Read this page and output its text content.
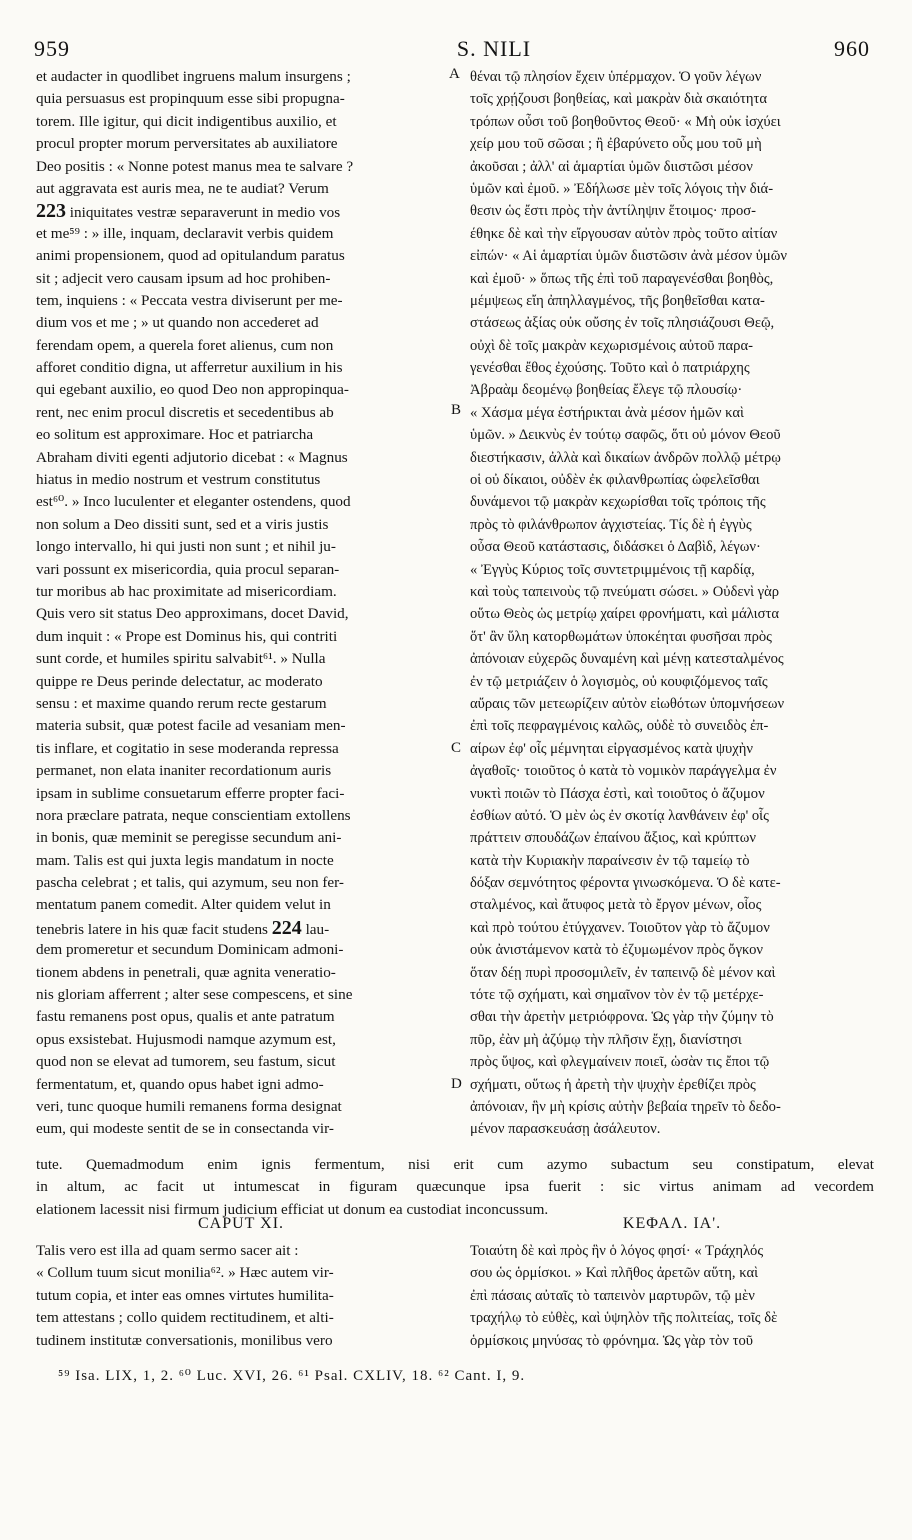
959	S. NILI	960
et audacter in quodlibet ingruens malum insurgens ;
quia persuasus est propinquum esse sibi propugna-
torem. Ille igitur, qui dicit indigentibus auxilio, et
procul propter morum perversitates ab auxiliatore
Deo positis : « Nonne potest manus mea te salvare ?
aut aggravata est auris mea, ne te audiat? Verum
223 iniquitates vestræ separaverunt in medio vos
et me⁵⁹ : » ille, inquam, declaravit verbis quidem
animi propensionem, quod ad opitulandum paratus
sit ; adjecit vero causam ipsum ad hoc prohiben-
tem, inquiens : « Peccata vestra diviserunt per me-
dium vos et me ; » ut quando non accederet ad
ferendam opem, a querela foret alienus, cum non
afforet conditio digna, ut afferretur auxilium in his
qui egebant auxilio, eo quod Deo non appropinqua-
rent, nec enim procul discretis et secedentibus ab
eo solitum est approximare. Hoc et patriarcha
Abraham diviti egenti adjutorio dicebat : « Magnus
hiatus in medio nostrum et vestrum constitutus
est⁶⁰. » Inco luculenter et eleganter ostendens, quod
non solum a Deo dissiti sunt, sed et a viris justis
longo intervallo, hi qui justi non sunt ; et nihil ju-
vari possunt ex misericordia, quia procul separan-
tur moribus ab hac proximitate ad misericordiam.
Quis vero sit status Deo approximans, docet David,
dum inquit : « Prope est Dominus his, qui contriti
sunt corde, et humiles spiritu salvabit⁶¹. » Nulla
quippe re Deus perinde delectatur, ac moderato
sensu : et maxime quando rerum recte gestarum
materia subsit, quæ potest facile ad vesaniam men-
tis inflare, et cogitatio in sese moderanda repressa
permanet, non elata inaniter recordationum auris
ipsam in sublime consuetarum efferre propter faci-
nora præclare patrata, neque conscientiam extollens
in bonis, quæ meminit se peregisse secundum ani-
mam. Talis est qui juxta legis mandatum in nocte
pascha celebrat ; et talis, qui azymum, seu non fer-
mentatum panem comedit. Alter quidem velut in
tenebris latere in his quæ facit studens 224 lau-
dem promeretur et secundum Dominicam admoni-
tionem abdens in penetrali, quæ agnita veneratio-
nis gloriam afferrent ; alter sese compescens, et sine
fastu remanens post opus, qualis et ante patratum
opus exsistebat. Hujusmodi namque azymum est,
quod non se elevat ad tumorem, seu fastum, sicut
fermentatum, et, quando opus habet igni admo-
veri, tunc quoque humili remanens forma designat
eum, qui modeste sentit de se in consectanda vir-
θέναι τῷ πλησίον ἔχειν ὑπέρμαχον. Ὁ γοῦν λέγων
τοῖς χρῄζουσι βοηθείας, καὶ μακρὰν διὰ σκαιότητα
τρόπων οὖσι τοῦ βοηθοῦντος Θεοῦ· « Μὴ οὐκ ἰσχύει
χείρ μου τοῦ σῶσαι ; ἢ ἐβαρύνετο οὖς μου τοῦ μὴ
ἀκοῦσαι ; ἀλλ' αἱ ἁμαρτίαι ὑμῶν διιστῶσι μέσον
ὑμῶν καὶ ἐμοῦ. » Ἐδήλωσε μὲν τοῖς λόγοις τὴν διά-
θεσιν ὡς ἔστι πρὸς τὴν ἀντίληψιν ἕτοιμος· προσ-
έθηκε δὲ καὶ τὴν εἴργουσαν αὐτὸν πρὸς τοῦτο αἰτίαν
εἰπών· « Αἱ ἁμαρτίαι ὑμῶν διιστῶσιν ἀνὰ μέσον ὑμῶν
καὶ ἐμοῦ· » ὅπως τῆς ἐπὶ τοῦ παραγενέσθαι βοηθὸς,
μέμψεως εἴη ἀπηλλαγμένος, τῆς βοηθεῖσθαι κατα-
στάσεως ἀξίας οὐκ οὔσης ἐν τοῖς πλησιάζουσι Θεῷ,
οὐχὶ δὲ τοῖς μακρὰν κεχωρισμένοις αὐτοῦ παρα-
γενέσθαι ἔθος ἐχούσης. Τοῦτο καὶ ὁ πατριάρχης
Ἀβραὰμ δεομένῳ βοηθείας ἔλεγε τῷ πλουσίῳ·
« Χάσμα μέγα ἐστήρικται ἀνὰ μέσον ἡμῶν καὶ
ὑμῶν. » Δεικνὺς ἐν τούτῳ σαφῶς, ὅτι οὐ μόνον Θεοῦ
διεστήκασιν, ἀλλὰ καὶ δικαίων ἀνδρῶν πολλῷ μέτρῳ
οἱ οὐ δίκαιοι, οὐδὲν ἐκ φιλανθρωπίας ὠφελεῖσθαι
δυνάμενοι τῷ μακρὰν κεχωρίσθαι τοῖς τρόποις τῆς
πρὸς τὸ φιλάνθρωπον ἀγχιστείας. Τίς δὲ ἡ ἐγγὺς
οὖσα Θεοῦ κατάστασις, διδάσκει ὁ Δαβὶδ, λέγων·
« Ἐγγὺς Κύριος τοῖς συντετριμμένοις τῇ καρδίᾳ,
καὶ τοὺς ταπεινοὺς τῷ πνεύματι σώσει. » Οὐδενὶ γὰρ
οὕτω Θεὸς ὡς μετρίῳ χαίρει φρονήματι, καὶ μάλιστα
ὅτ' ἂν ὕλη κατορθωμάτων ὑποκέηται φυσῆσαι πρὸς
ἀπόνοιαν εὐχερῶς δυναμένη καὶ μένῃ κατεσταλμένος
ἐν τῷ μετριάζειν ὁ λογισμὸς, οὐ κουφιζόμενος ταῖς
αὔραις τῶν μετεωρίζειν αὐτὸν εἰωθότων ὑπομνήσεων
ἐπὶ τοῖς πεφραγμένοις καλῶς, οὐδὲ τὸ συνειδὸς ἐπ-
αίρων ἐφ' οἷς μέμνηται εἰργασμένος κατὰ ψυχὴν
ἀγαθοῖς· τοιοῦτος ὁ κατὰ τὸ νομικὸν παράγγελμα ἐν
νυκτὶ ποιῶν τὸ Πάσχα ἐστὶ, καὶ τοιοῦτος ὁ ἄζυμον
ἐσθίων αὐτό. Ὁ μὲν ὡς ἐν σκοτίᾳ λανθάνειν ἐφ' οἷς
πράττειν σπουδάζων ἐπαίνου ἄξιος, καὶ κρύπτων
κατὰ τὴν Κυριακὴν παραίνεσιν ἐν τῷ ταμείῳ τὸ
δόξαν σεμνότητος φέροντα γινωσκόμενα. Ὁ δὲ κατε-
σταλμένος, καὶ ἄτυφος μετὰ τὸ ἔργον μένων, οἷος
καὶ πρὸ τούτου ἐτύγχανεν. Τοιοῦτον γὰρ τὸ ἄζυμον
οὐκ ἀνιστάμενον κατὰ τὸ ἐζυμωμένον πρὸς ὄγκον
ὅταν δέῃ πυρὶ προσομιλεῖν, ἐν ταπεινῷ δὲ μένον καὶ
τότε τῷ σχήματι, καὶ σημαῖνον τὸν ἐν τῷ μετέρχε-
σθαι τὴν ἀρετὴν μετριόφρονα. Ὡς γὰρ τὴν ζύμην τὸ
πῦρ, ἐὰν μὴ ἀζύμῳ τὴν πλῆσιν ἔχῃ, διανίστησι
πρὸς ὕψος, καὶ φλεγμαίνειν ποιεῖ, ὡσὰν τις ἔποι τῷ
σχήματι, οὕτως ἡ ἀρετὴ τὴν ψυχὴν ἐρεθίζει πρὸς
ἀπόνοιαν, ἣν μὴ κρίσις αὐτὴν βεβαία τηρεῖν τὸ δεδο-
μένον παρασκευάσῃ ἀσάλευτον.
A
B
C
D
tute. Quemadmodum enim ignis fermentum, nisi erit cum azymo subactum seu constipatum, elevat
in altum, ac facit ut intumescat in figuram quæcunque ipsa fuerit : sic virtus animam ad vecordem
elationem lacessit nisi firmum judicium efficiat ut donum ea custodiat inconcussum.
CAPUT XI.	ΚΕΦΑΛ. ΙΑ'.
Talis vero est illa ad quam sermo sacer ait :
« Collum tuum sicut monilia⁶². » Hæc autem vir-
tutum copia, et inter eas omnes virtutes humilita-
tem attestans ; collo quidem rectitudinem, et alti-
tudinem institutæ conversationis, monilibus vero
Τοιαύτη δὲ καὶ πρὸς ἣν ὁ λόγος φησί· « Τράχηλός
σου ὡς ὁρμίσκοι. » Καὶ πλῆθος ἀρετῶν αὕτη, καὶ
ἐπὶ πάσαις αὐταῖς τὸ ταπεινὸν μαρτυρῶν, τῷ μὲν
τραχήλῳ τὸ εὐθὲς, καὶ ὑψηλὸν τῆς πολιτείας, τοῖς δὲ
ὁρμίσκοις μηνύσας τὸ φρόνημα. Ὡς γὰρ τὸν τοῦ
⁵⁹ Isa. LIX, 1, 2. ⁶⁰ Luc. XVI, 26. ⁶¹ Psal. CXLIV, 18. ⁶² Cant. I, 9.
